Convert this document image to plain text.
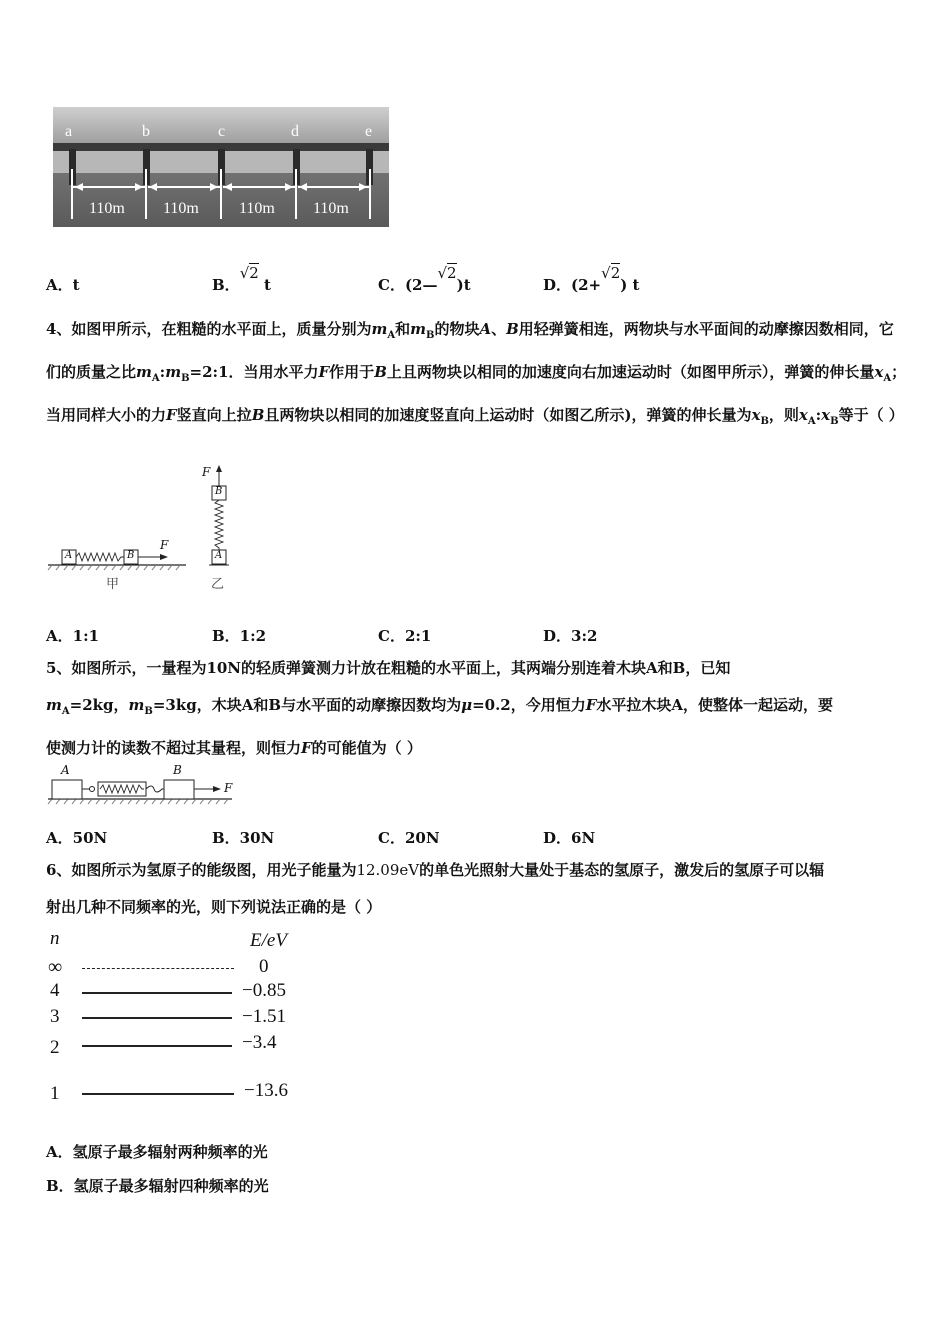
a	b	c	d	e
110m 110m	110m 110m
A．t	B．√2 t	C．(2—√2)t	D．(2+√2) t
4、如图甲所示，在粗糙的水平面上，质量分别为$m_A$和$m_B$的物块A、B用轻弹簧相连，两物块与水平面间的动摩擦因数相同，它们的质量之比$m_A:m_B=2:1$．当用水平力F作用于B上且两物块以相同的加速度向右加速运动时（如图甲所示），弹簧的伸长量$x_A$；当用同样大小的力F竖直向上拉B且两物块以相同的加速度竖直向上运动时（如图乙所示)，弹簧的伸长量为$x_B$，则$x_A:x_B$等于（ ）
A	B
F
B
A
F
甲	乙
A．1:1	B．1:2	C．2:1	D．3:2
5、如图所示，一量程为10N的轻质弹簧测力计放在粗糙的水平面上，其两端分别连着木块A和B，已知
$m_A=2kg$，$m_B=3kg$，木块A和B与水平面的动摩擦因数均为μ=0.2，今用恒力F水平拉木块A，使整体一起运动，要
使测力计的读数不超过其量程，则恒力F的可能值为（ ）
A	B
F
A．50N	B．30N	C．20N	D．6N
6、如图所示为氢原子的能级图，用光子能量为12.09eV的单色光照射大量处于基态的氢原子，激发后的氢原子可以辐
射出几种不同频率的光，则下列说法正确的是（ ）
n	E/eV
∞	0
4	−0.85
3	−1.51
2	−3.4
1	−13.6
A．氢原子最多辐射两种频率的光
B．氢原子最多辐射四种频率的光
